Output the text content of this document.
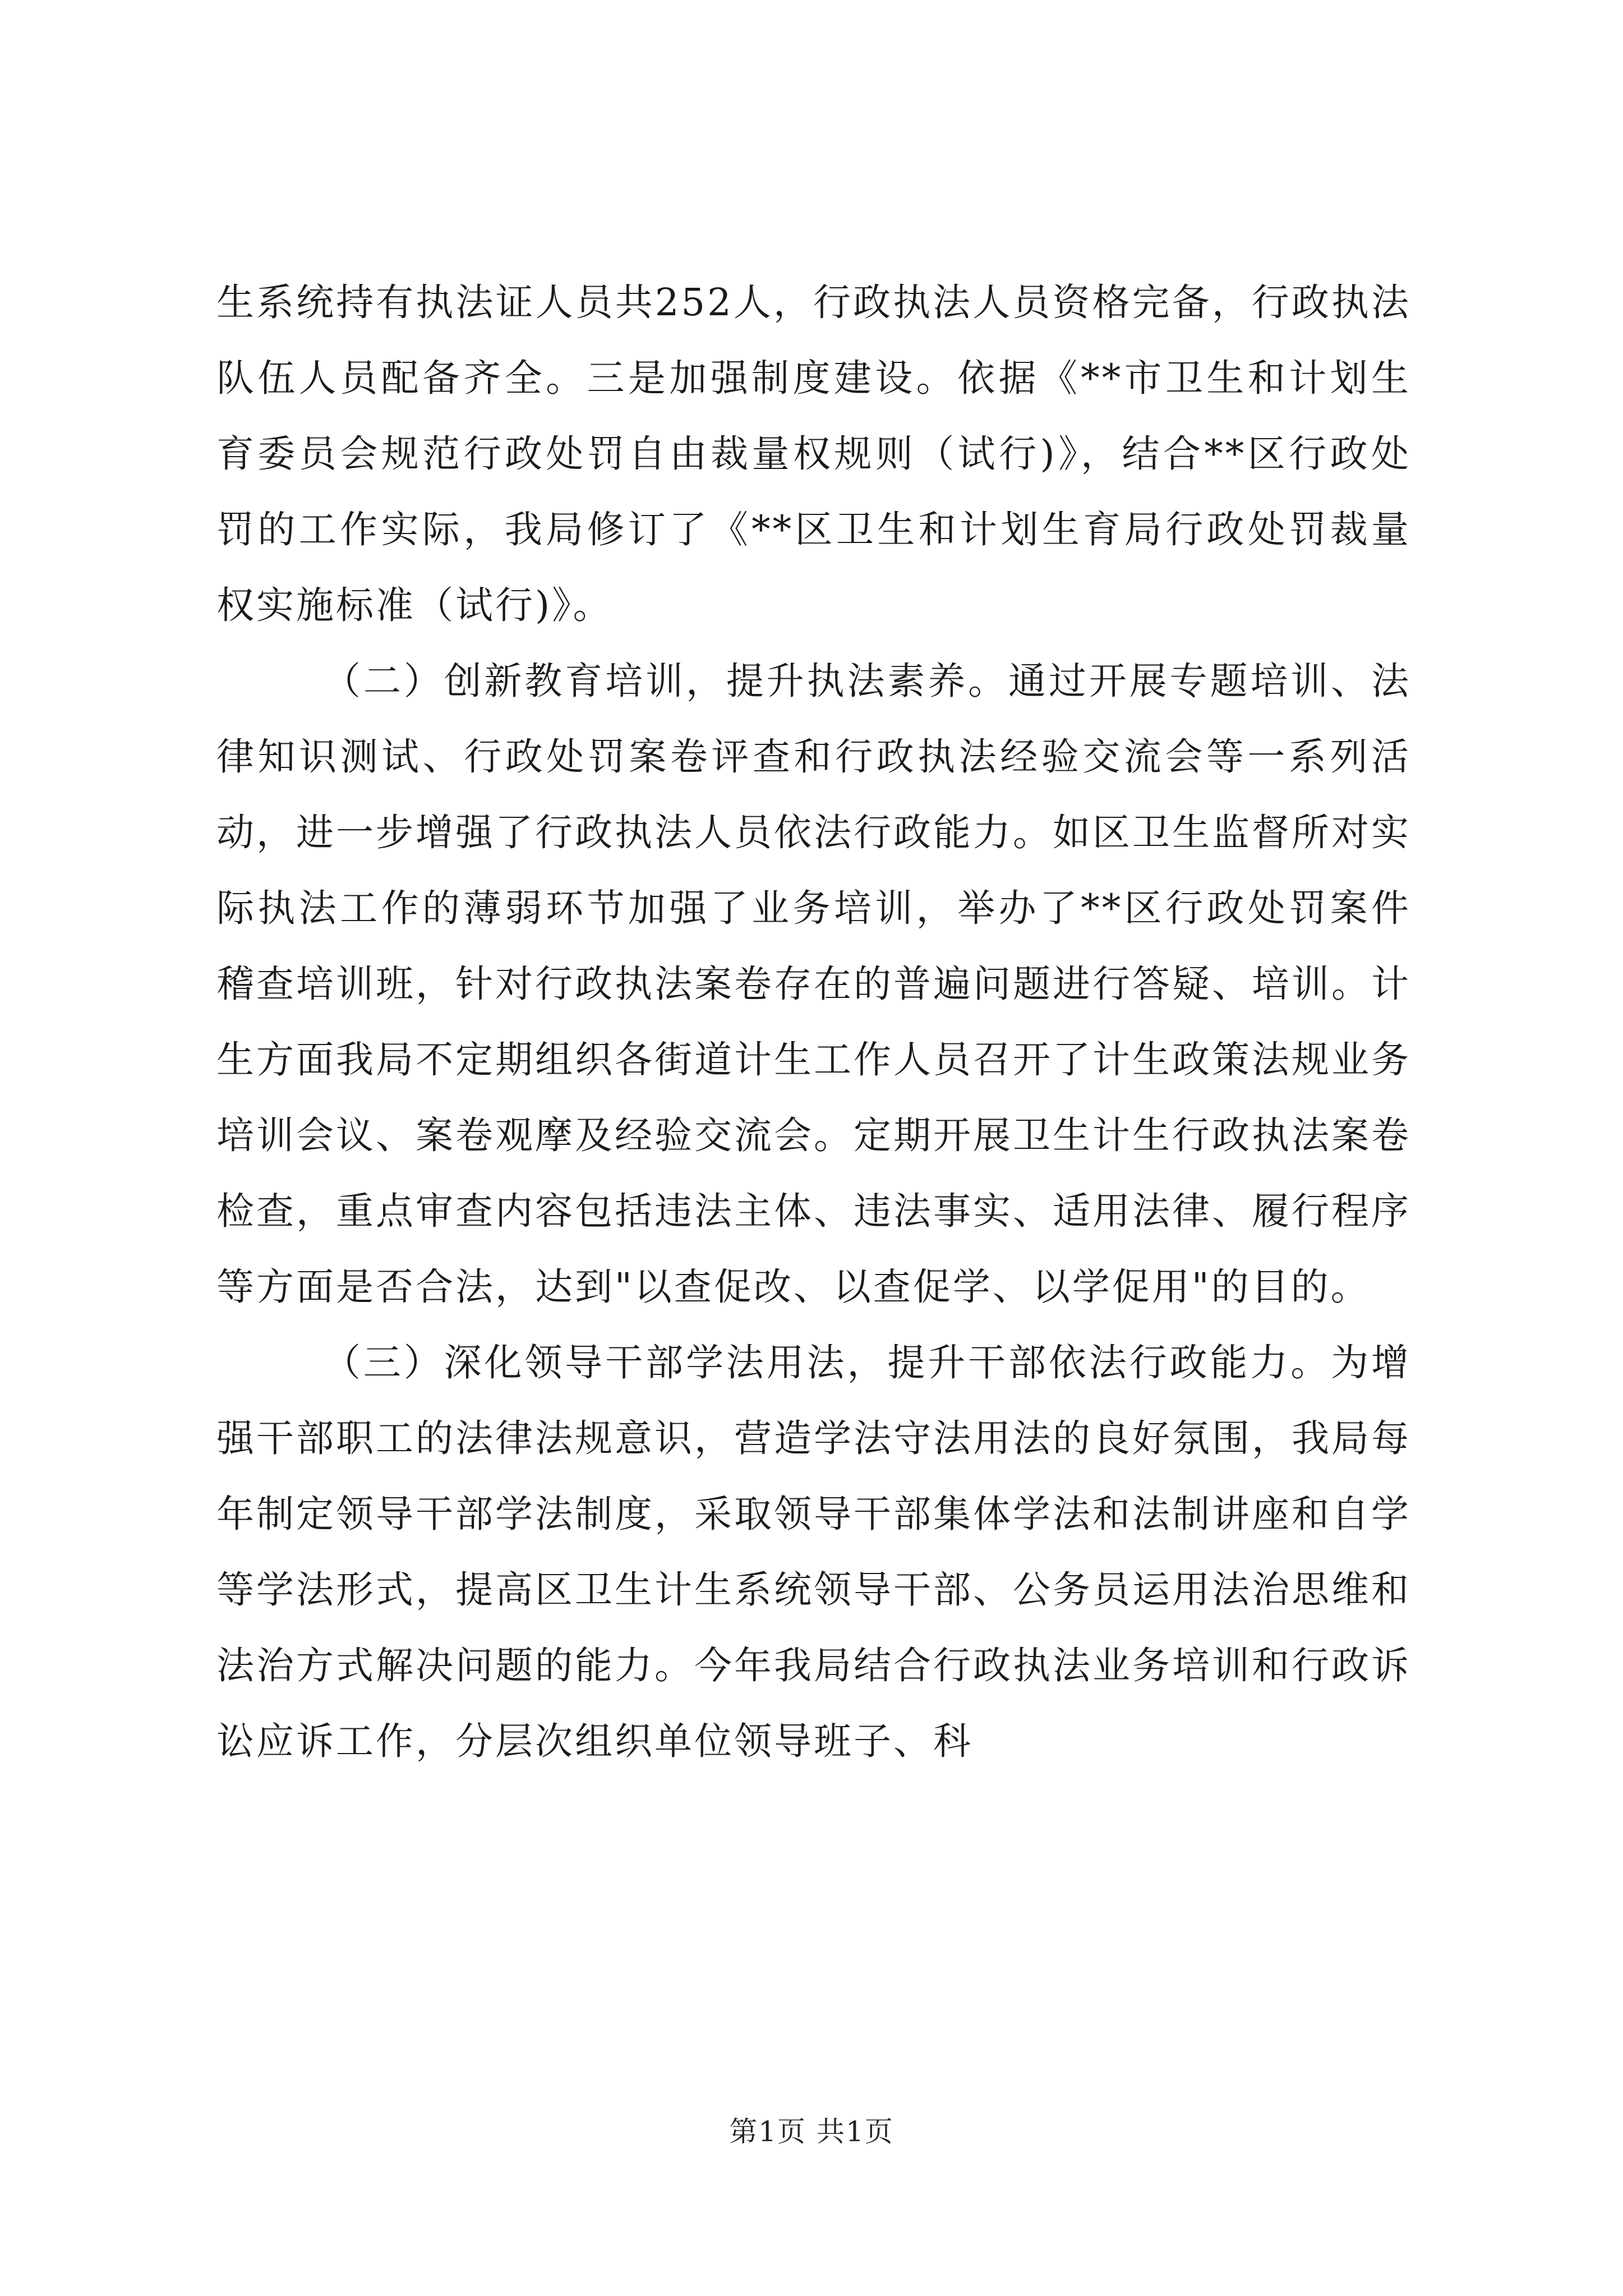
生系统持有执法证人员共252人，行政执法人员资格完备，行政执法队伍人员配备齐全。三是加强制度建设。依据《**市卫生和计划生育委员会规范行政处罚自由裁量权规则（试行)》，结合**区行政处罚的工作实际，我局修订了《**区卫生和计划生育局行政处罚裁量权实施标准（试行)》。

（二）创新教育培训，提升执法素养。通过开展专题培训、法律知识测试、行政处罚案卷评查和行政执法经验交流会等一系列活动，进一步增强了行政执法人员依法行政能力。如区卫生监督所对实际执法工作的薄弱环节加强了业务培训，举办了**区行政处罚案件稽查培训班，针对行政执法案卷存在的普遍问题进行答疑、培训。计生方面我局不定期组织各街道计生工作人员召开了计生政策法规业务培训会议、案卷观摩及经验交流会。定期开展卫生计生行政执法案卷检查，重点审查内容包括违法主体、违法事实、适用法律、履行程序等方面是否合法，达到"以查促改、以查促学、以学促用"的目的。

（三）深化领导干部学法用法，提升干部依法行政能力。为增强干部职工的法律法规意识，营造学法守法用法的良好氛围，我局每年制定领导干部学法制度，采取领导干部集体学法和法制讲座和自学等学法形式，提高区卫生计生系统领导干部、公务员运用法治思维和法治方式解决问题的能力。今年我局结合行政执法业务培训和行政诉讼应诉工作，分层次组织单位领导班子、科

第1页 共1页
